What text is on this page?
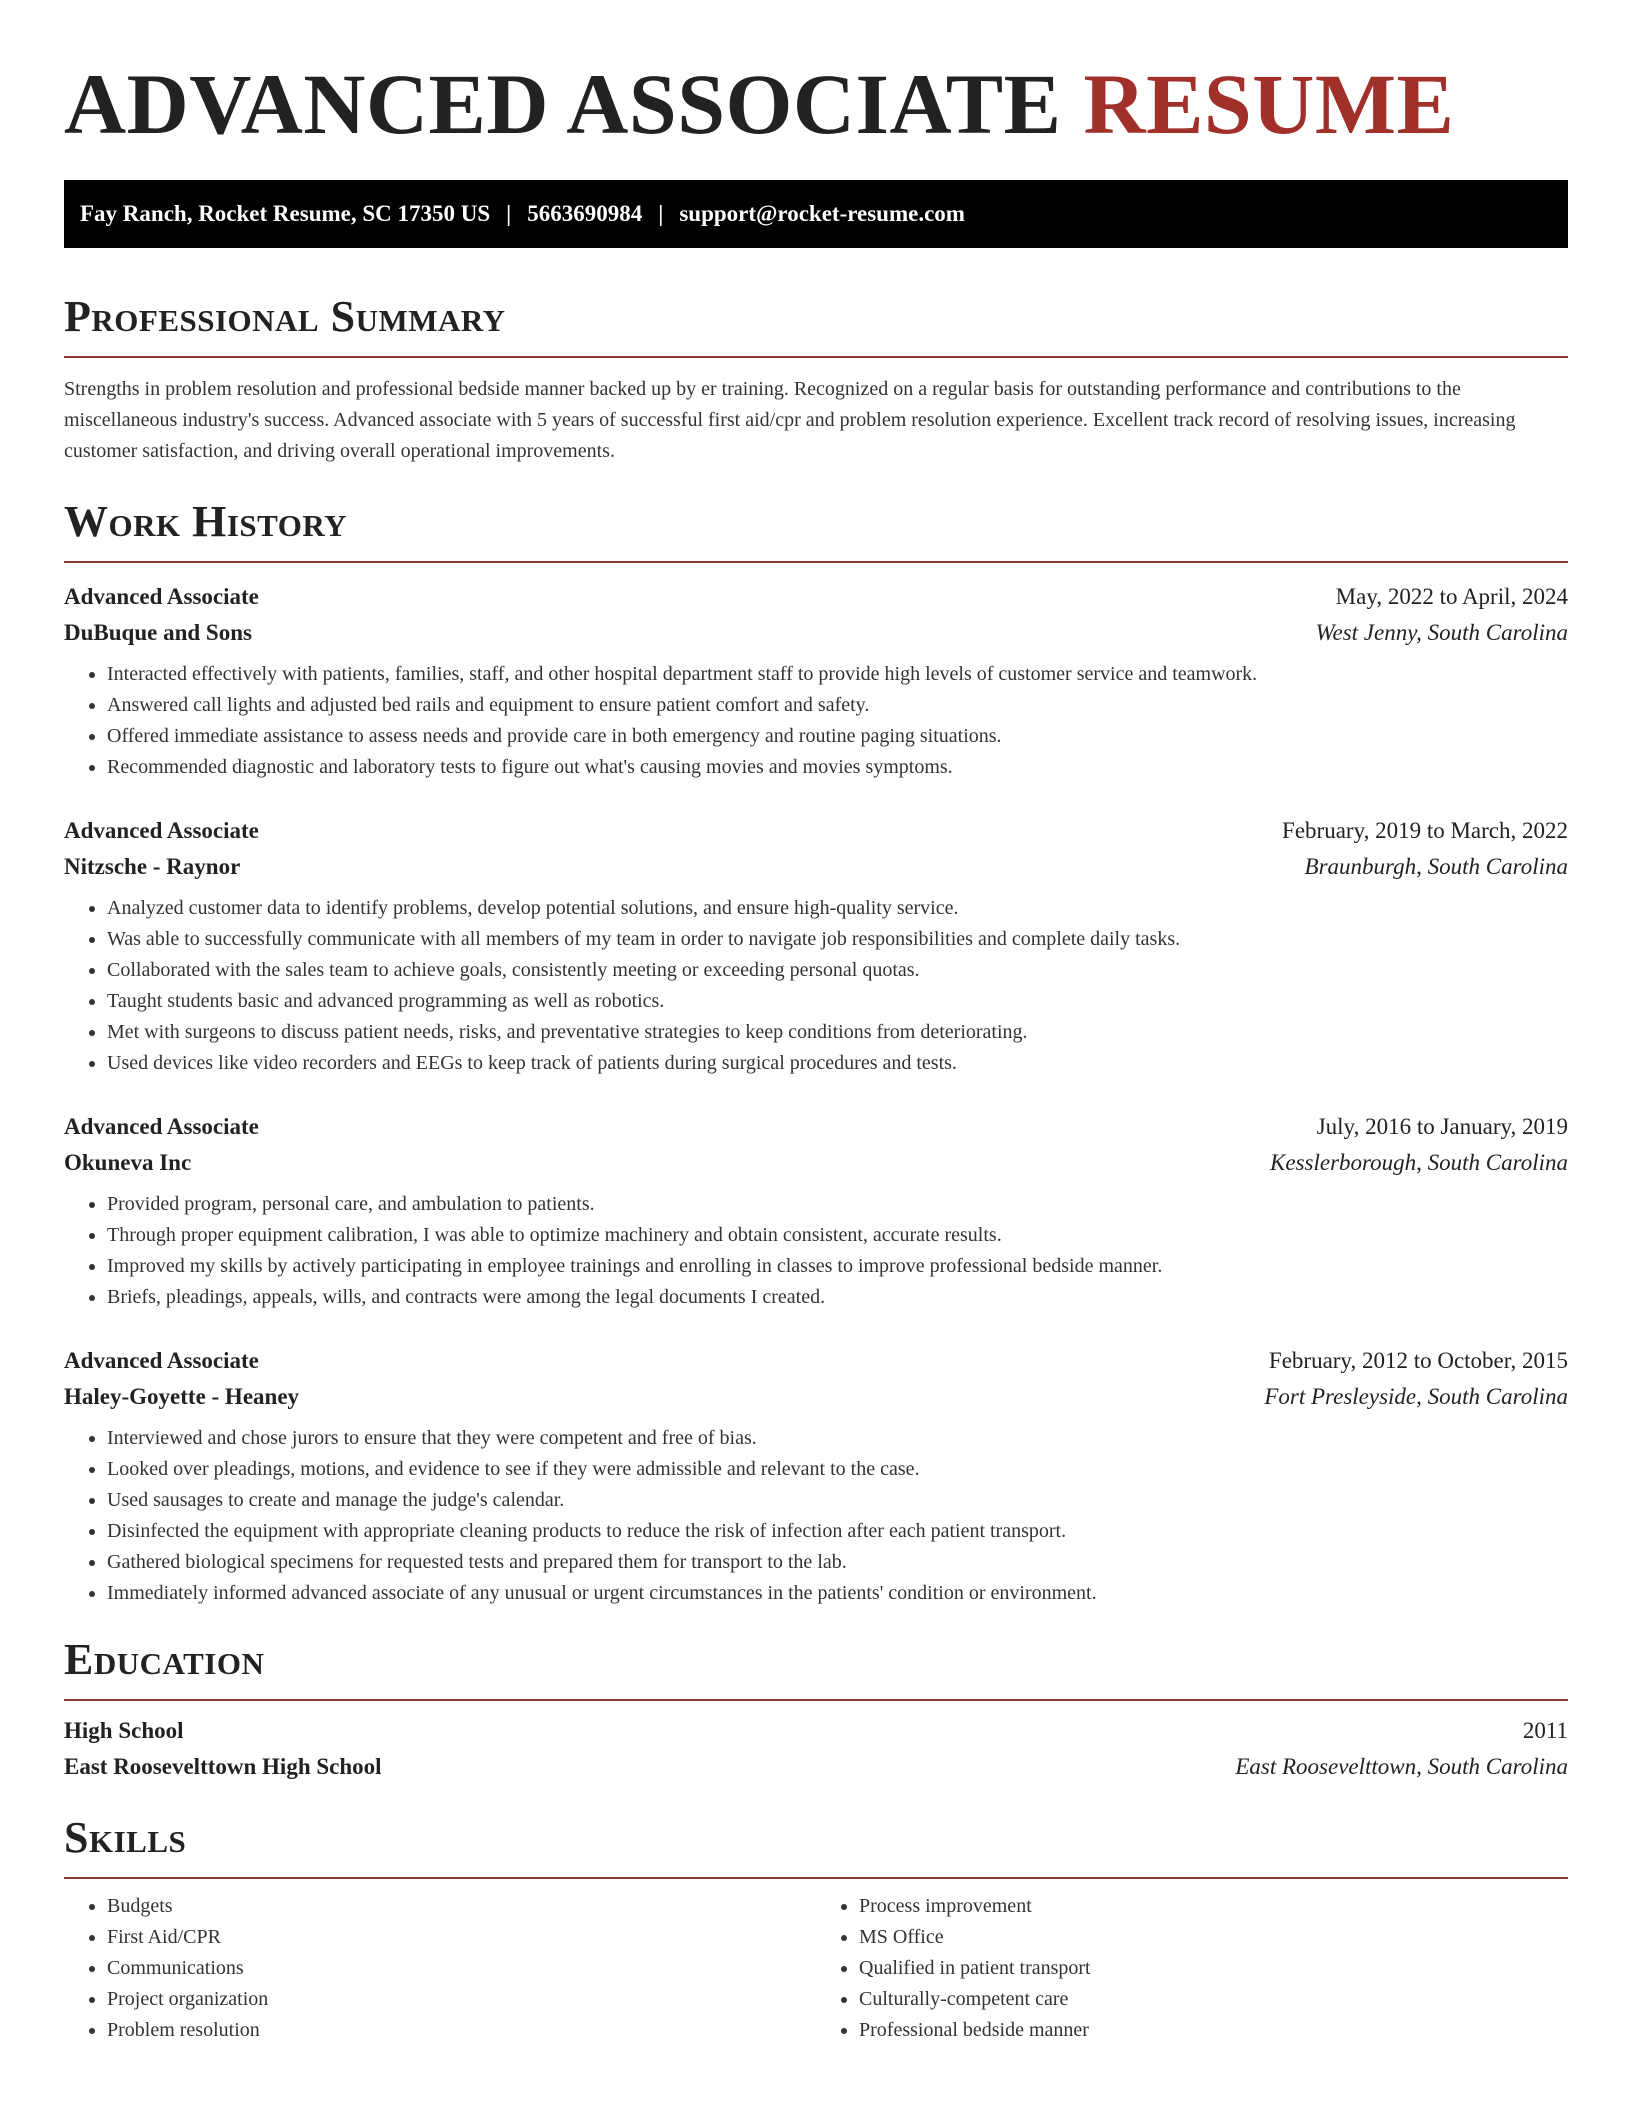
ADVANCED ASSOCIATE RESUME
Fay Ranch, Rocket Resume, SC 17350 US | 5663690984 | support@rocket-resume.com
Professional Summary

Strengths in problem resolution and professional bedside manner backed up by er training. Recognized on a regular basis for outstanding performance and contributions to the miscellaneous industry's success. Advanced associate with 5 years of successful first aid/cpr and problem resolution experience. Excellent track record of resolving issues, increasing customer satisfaction, and driving overall operational improvements.

Work History
Advanced Associate	May, 2022 to April, 2024
DuBuque and Sons	West Jenny, South Carolina
• Interacted effectively with patients, families, staff, and other hospital department staff to provide high levels of customer service and teamwork.
• Answered call lights and adjusted bed rails and equipment to ensure patient comfort and safety.
• Offered immediate assistance to assess needs and provide care in both emergency and routine paging situations.
• Recommended diagnostic and laboratory tests to figure out what's causing movies and movies symptoms.
Advanced Associate	February, 2019 to March, 2022
Nitzsche - Raynor	Braunburgh, South Carolina
• Analyzed customer data to identify problems, develop potential solutions, and ensure high-quality service.
• Was able to successfully communicate with all members of my team in order to navigate job responsibilities and complete daily tasks.
• Collaborated with the sales team to achieve goals, consistently meeting or exceeding personal quotas.
• Taught students basic and advanced programming as well as robotics.
• Met with surgeons to discuss patient needs, risks, and preventative strategies to keep conditions from deteriorating.
• Used devices like video recorders and EEGs to keep track of patients during surgical procedures and tests.
Advanced Associate	July, 2016 to January, 2019
Okuneva Inc	Kesslerborough, South Carolina
• Provided program, personal care, and ambulation to patients.
• Through proper equipment calibration, I was able to optimize machinery and obtain consistent, accurate results.
• Improved my skills by actively participating in employee trainings and enrolling in classes to improve professional bedside manner.
• Briefs, pleadings, appeals, wills, and contracts were among the legal documents I created.
Advanced Associate	February, 2012 to October, 2015
Haley-Goyette - Heaney	Fort Presleyside, South Carolina
• Interviewed and chose jurors to ensure that they were competent and free of bias.
• Looked over pleadings, motions, and evidence to see if they were admissible and relevant to the case.
• Used sausages to create and manage the judge's calendar.
• Disinfected the equipment with appropriate cleaning products to reduce the risk of infection after each patient transport.
• Gathered biological specimens for requested tests and prepared them for transport to the lab.
• Immediately informed advanced associate of any unusual or urgent circumstances in the patients' condition or environment.
Education
High School	2011
East Roosevelttown High School	East Roosevelttown, South Carolina
Skills
• Budgets
• First Aid/CPR
• Communications
• Project organization
• Problem resolution
• Process improvement
• MS Office
• Qualified in patient transport
• Culturally-competent care
• Professional bedside manner
